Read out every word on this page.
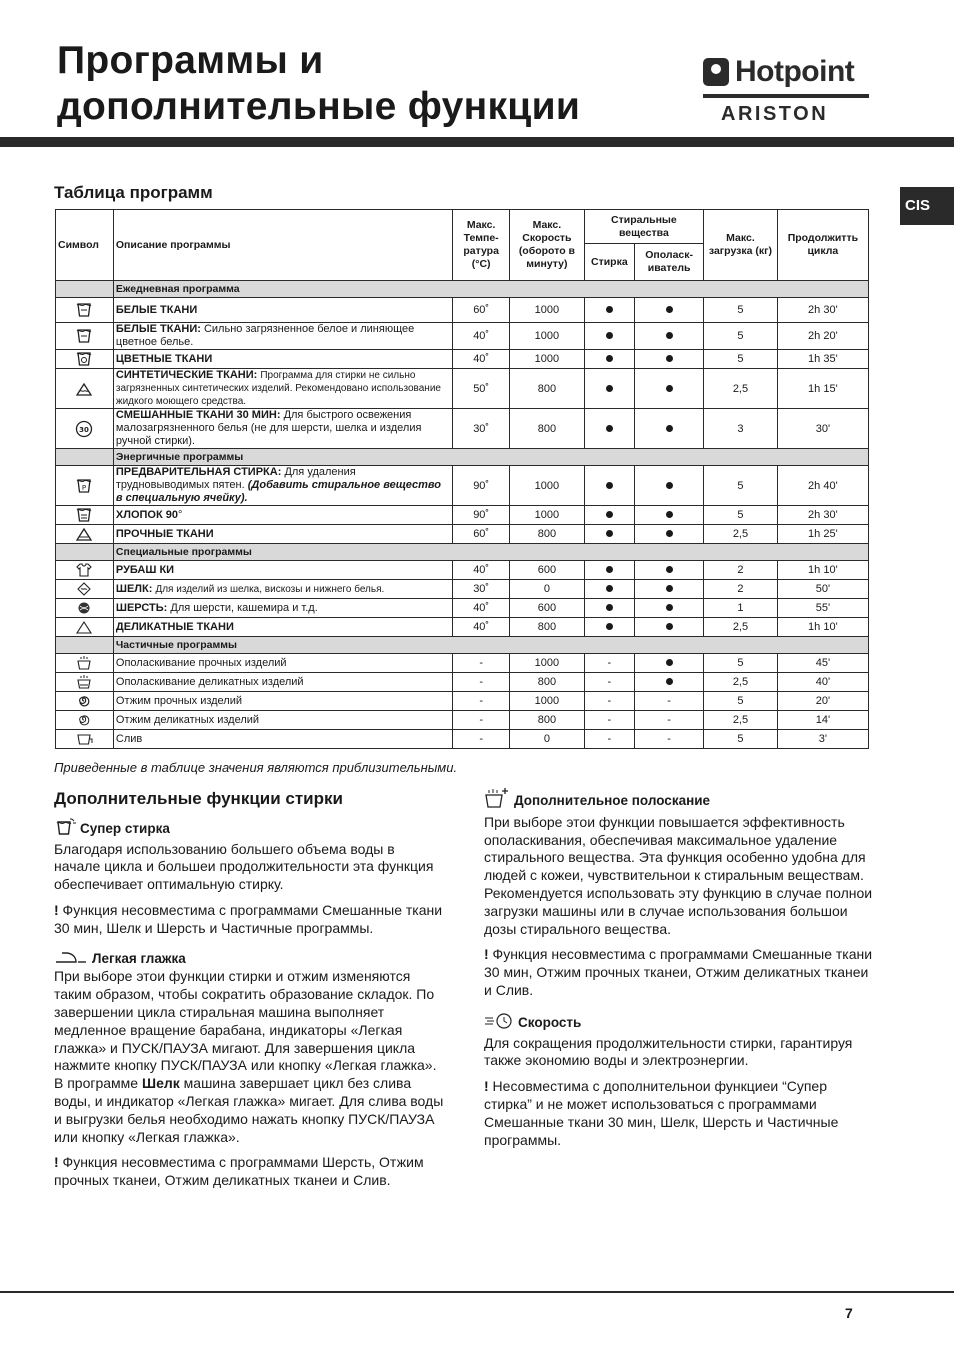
Программы и
дополнительные функции
Hotpoint
ARISTON
CIS
Таблица программ
Символ	Описание программы	Макс. Темпе-ратура (°C)	Макс. Скорость (оборото в минуту)	Стиральные вещества		Макс. загрузка (кг)	Продолжитть цикла
				Стирка	Ополаск-иватель		
	Ежедневная программа						

	БЕЛЫЕ ТКАНИ	60˚	1000			5	2h 30'

	БЕЛЫЕ ТКАНИ: Сильно загрязненное белое и линяющее цветное белье.	40˚	1000			5	2h 20'

	ЦВЕТНЫЕ ТКАНИ	40˚	1000			5	1h 35'

	СИНТЕТИЧЕСКИЕ ТКАНИ: Программа для стирки не сильно загрязненных синтетических изделий. Рекомендовано использование жидкого моющего средства.	50˚	800			2,5	1h 15'

30	СМЕШАННЫЕ ТКАНИ 30 МИН: Для быстрого освежения малозагрязненного белья (не для шерсти, шелка и изделия ручной стирки).	30˚	800			3	30'
	Энергичные программы						

P	ПРЕДВАРИТЕЛЬНАЯ СТИРКА: Для удаления трудновыводимых пятен. (Добавить стиральное вещество в специальную ячейку).	90˚	1000			5	2h 40'

	ХЛОПОК 90°	90˚	1000			5	2h 30'

	ПРОЧНЫЕ ТКАНИ	60˚	800			2,5	1h 25'
	Специальные программы						

	РУБАШ КИ	40˚	600			2	1h 10'

	ШЕЛК: Для изделий из шелка, вискозы и нижнего белья.	30˚	0			2	50'

	ШЕРСТЬ: Для шерсти, кашемира и т.д.	40˚	600			1	55'

	ДЕЛИКАТНЫЕ ТКАНИ	40˚	800			2,5	1h 10'
	Частичные программы						

	Ополаскивание прочных изделий	-	1000	-		5	45'

	Ополаскивание деликатных изделий	-	800	-		2,5	40'

	Отжим прочных изделий	-	1000	-	-	5	20'

	Отжим деликатных изделий	-	800	-	-	2,5	14'

	Слив	-	0	-	-	5	3'
Приведенные в таблице значения являются приблизительными.
Дополнительные функции стирки
Супер стирка

Благодаря использованию большего объема воды в начале цикла и большеи продолжительности эта функция обеспечивает оптимальную стирку.

! Функция несовместима с программами Смешанные ткани 30 мин, Шелк и Шерсть и Частичные программы.

Легкая глажка

При выборе этои функции стирки и отжим изменяются таким образом, чтобы сократить образование складок. По завершении цикла стиральная машина выполняет медленное вращение барабана, индикаторы «Легкая глажка» и ПУСК/ПАУЗА мигают. Для завершения цикла нажмите кнопку ПУСК/ПАУЗА или кнопку «Легкая глажка».

В программе Шелк машина завершает цикл без слива воды, и индикатор «Легкая глажка» мигает. Для слива воды и выгрузки белья необходимо нажать кнопку ПУСК/ПАУЗА или кнопку «Легкая глажка».

! Функция несовместима с программами Шерсть, Отжим прочных тканеи, Отжим деликатных тканеи и Слив.

Дополнительное полоскание

При выборе этои функции повышается эффективность ополаскивания, обеспечивая максимальное удаление стирального вещества. Эта функция особенно удобна для людей с кожеи, чувствительнои к стиральным веществам. Рекомендуется использовать эту функцию в случае полнои загрузки машины или в случае использования большои дозы стирального вещества.

! Функция несовместима с программами Смешанные ткани 30 мин, Отжим прочных тканеи, Отжим деликатных тканеи и Слив.

Скорость

Для сокращения продолжительности стирки, гарантируя также экономию воды и электроэнергии.

! Несовместима с дополнительнои функциеи “Супер стирка” и не может использоваться с программами Смешанные ткани 30 мин, Шелк, Шерсть и Частичные программы.

7
